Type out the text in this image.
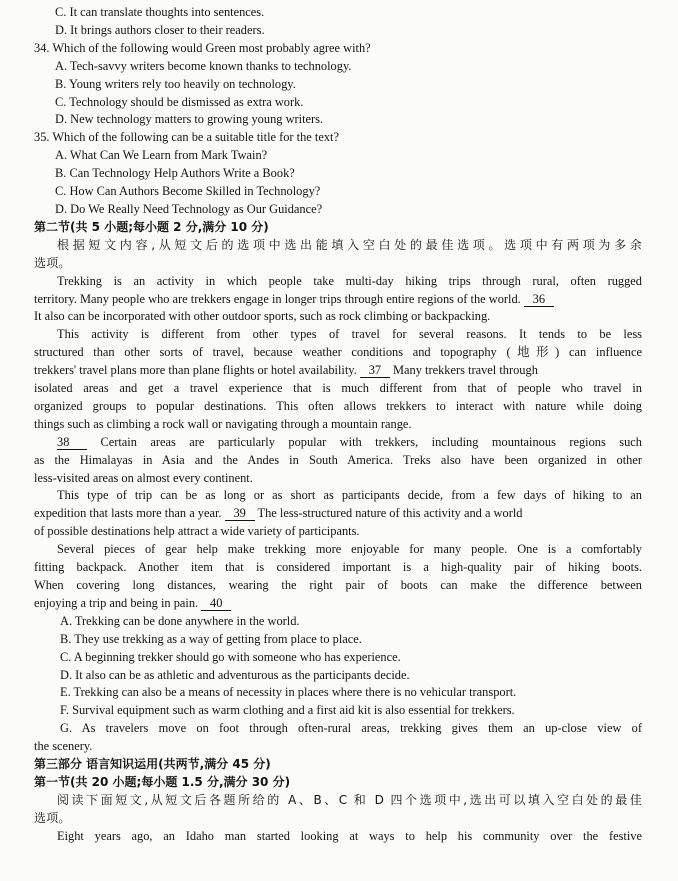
C. It can translate thoughts into sentences.
D. It brings authors closer to their readers.
34. Which of the following would Green most probably agree with?
A. Tech-savvy writers become known thanks to technology.
B. Young writers rely too heavily on technology.
C. Technology should be dismissed as extra work.
D. New technology matters to growing young writers.
35. Which of the following can be a suitable title for the text?
A. What Can We Learn from Mark Twain?
B. Can Technology Help Authors Write a Book?
C. How Can Authors Become Skilled in Technology?
D. Do We Really Need Technology as Our Guidance?
第二节(共 5 小题;每小题 2 分,满分 10 分)
根据短文内容,从短文后的选项中选出能填入空白处的最佳选项。选项中有两项为多余
选项。
Trekking is an activity in which people take multi-day hiking trips through rural, often rugged
territory. Many people who are trekkers engage in longer trips through entire regions of the world. 36
It also can be incorporated with other outdoor sports, such as rock climbing or backpacking.
This activity is different from other types of travel for several reasons. It tends to be less
structured than other sorts of travel, because weather conditions and topography (地形) can influence
trekkers' travel plans more than plane flights or hotel availability. 37 Many trekkers travel through
isolated areas and get a travel experience that is much different from that of people who travel in
organized groups to popular destinations. This often allows trekkers to interact with nature while doing
things such as climbing a rock wall or navigating through a mountain range.
38	Certain areas are particularly popular with trekkers, including mountainous regions such
as the Himalayas in Asia and the Andes in South America. Treks also have been organized in other
less-visited areas on almost every continent.
This type of trip can be as long or as short as participants decide, from a few days of hiking to an
expedition that lasts more than a year. 39 The less-structured nature of this activity and a world
of possible destinations help attract a wide variety of participants.
Several pieces of gear help make trekking more enjoyable for many people. One is a comfortably
fitting backpack. Another item that is considered important is a high-quality pair of hiking boots.
When covering long distances, wearing the right pair of boots can make the difference between
enjoying a trip and being in pain. 40
A. Trekking can be done anywhere in the world.
B. They use trekking as a way of getting from place to place.
C. A beginning trekker should go with someone who has experience.
D. It also can be as athletic and adventurous as the participants decide.
E. Trekking can also be a means of necessity in places where there is no vehicular transport.
F. Survival equipment such as warm clothing and a first aid kit is also essential for trekkers.
G. As travelers move on foot through often-rural areas, trekking gives them an up-close view of
the scenery.
第三部分 语言知识运用(共两节,满分 45 分)
第一节(共 20 小题;每小题 1.5 分,满分 30 分)
阅读下面短文,从短文后各题所给的 A、B、C 和 D 四个选项中,选出可以填入空白处的最佳
选项。
Eight years ago, an Idaho man started looking at ways to help his community over the festive
